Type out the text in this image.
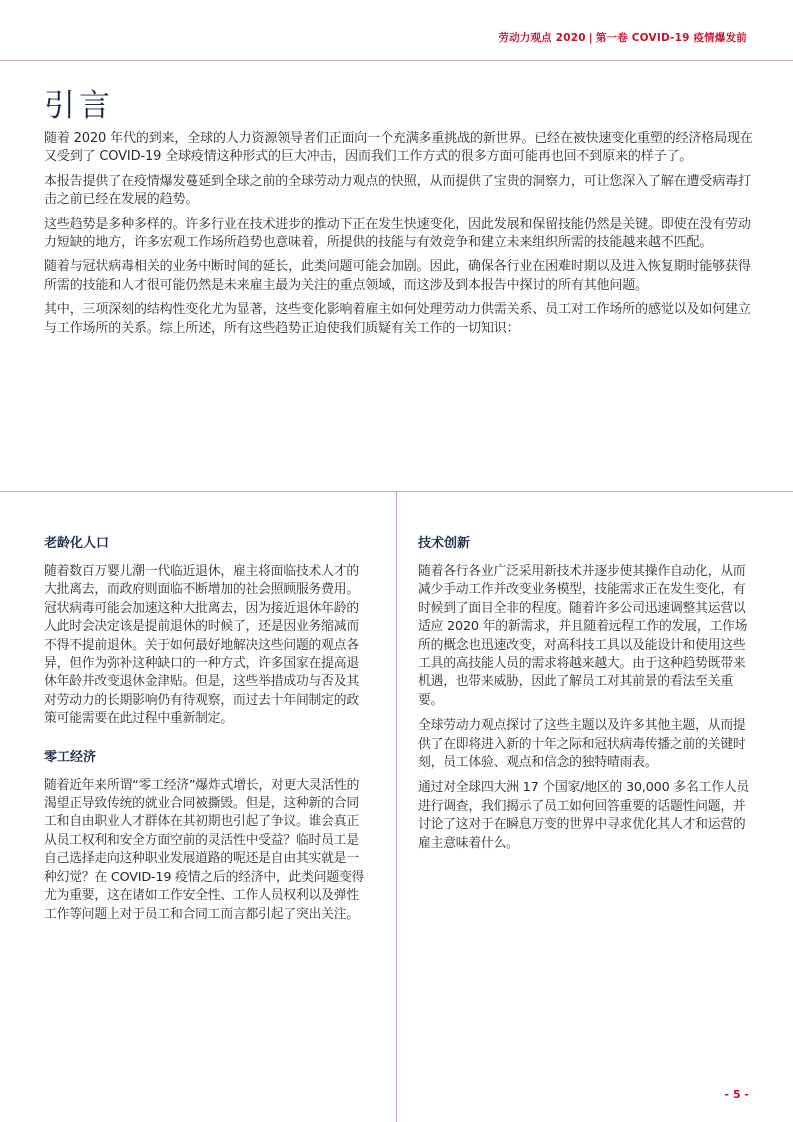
劳动力观点 2020 | 第一卷 COVID-19 疫情爆发前
引言

随着 2020 年代的到来，全球的人力资源领导者们正面向一个充满多重挑战的新世界。已经在被快速变化重塑的经济格局现在又受到了 COVID-19 全球疫情这种形式的巨大冲击，因而我们工作方式的很多方面可能再也回不到原来的样子了。

本报告提供了在疫情爆发蔓延到全球之前的全球劳动力观点的快照，从而提供了宝贵的洞察力，可让您深入了解在遭受病毒打击之前已经在发展的趋势。

这些趋势是多种多样的。许多行业在技术进步的推动下正在发生快速变化，因此发展和保留技能仍然是关键。即使在没有劳动力短缺的地方，许多宏观工作场所趋势也意味着，所提供的技能与有效竞争和建立未来组织所需的技能越来越不匹配。

随着与冠状病毒相关的业务中断时间的延长，此类问题可能会加剧。因此，确保各行业在困难时期以及进入恢复期时能够获得所需的技能和人才很可能仍然是未来雇主最为关注的重点领域，而这涉及到本报告中探讨的所有其他问题。

其中，三项深刻的结构性变化尤为显著，这些变化影响着雇主如何处理劳动力供需关系、员工对工作场所的感觉以及如何建立与工作场所的关系。综上所述，所有这些趋势正迫使我们质疑有关工作的一切知识：

老龄化人口

随着数百万婴儿潮一代临近退休，雇主将面临技术人才的大批离去，而政府则面临不断增加的社会照顾服务费用。冠状病毒可能会加速这种大批离去，因为接近退休年龄的人此时会决定该是提前退休的时候了，还是因业务缩减而不得不提前退休。关于如何最好地解决这些问题的观点各异，但作为弥补这种缺口的一种方式，许多国家在提高退休年龄并改变退休金津贴。但是，这些举措成功与否及其对劳动力的长期影响仍有待观察，而过去十年间制定的政策可能需要在此过程中重新制定。

零工经济

随着近年来所谓“零工经济”爆炸式增长，对更大灵活性的渴望正导致传统的就业合同被撕毁。但是，这种新的合同工和自由职业人才群体在其初期也引起了争议。谁会真正从员工权利和安全方面空前的灵活性中受益？临时员工是自己选择走向这种职业发展道路的呢还是自由其实就是一种幻觉？在 COVID-19 疫情之后的经济中，此类问题变得尤为重要，这在诸如工作安全性、工作人员权利以及弹性工作等问题上对于员工和合同工而言都引起了突出关注。

技术创新

随着各行各业广泛采用新技术并逐步使其操作自动化，从而减少手动工作并改变业务模型，技能需求正在发生变化，有时候到了面目全非的程度。随着许多公司迅速调整其运营以适应 2020 年的新需求，并且随着远程工作的发展，工作场所的概念也迅速改变，对高科技工具以及能设计和使用这些工具的高技能人员的需求将越来越大。由于这种趋势既带来机遇，也带来威胁，因此了解员工对其前景的看法至关重要。

全球劳动力观点探讨了这些主题以及许多其他主题，从而提供了在即将进入新的十年之际和冠状病毒传播之前的关键时刻，员工体验、观点和信念的独特晴雨表。

通过对全球四大洲 17 个国家/地区的 30,000 多名工作人员进行调查，我们揭示了员工如何回答重要的话题性问题，并讨论了这对于在瞬息万变的世界中寻求优化其人才和运营的雇主意味着什么。

- 5 -
